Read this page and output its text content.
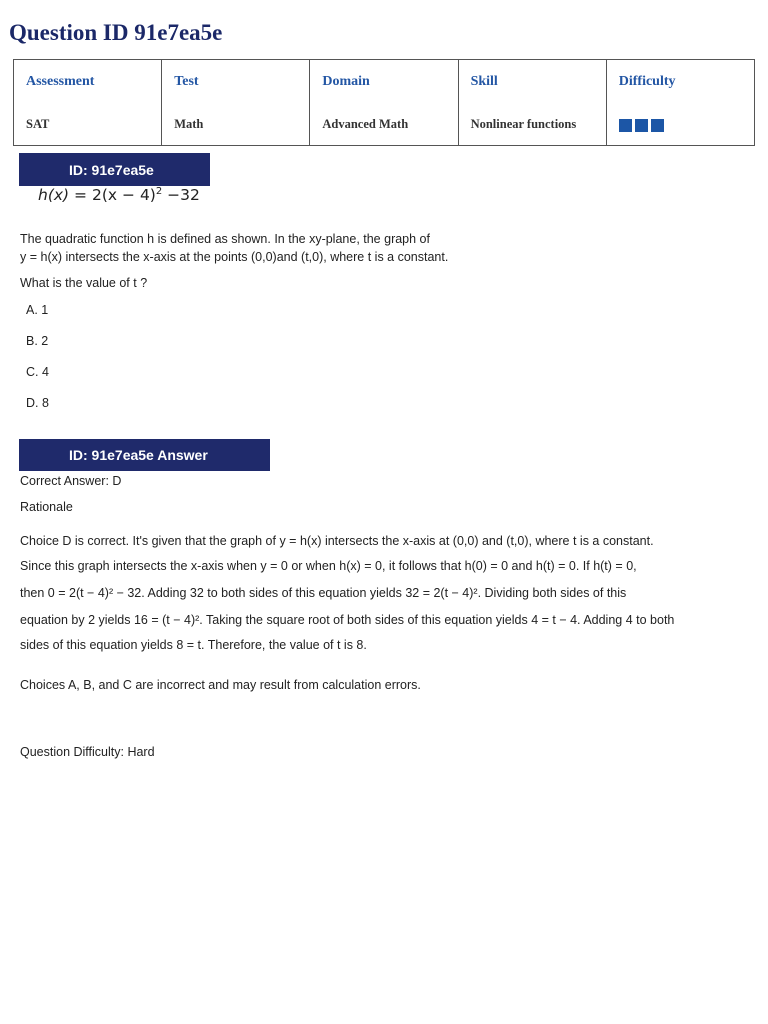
Question ID 91e7ea5e
Assessment	Test	Domain	Skill	Difficulty
SAT	Math	Advanced Math	Nonlinear functions	
ID: 91e7ea5e
$h(x) = 2(x - 4)^2 -32$
The quadratic function h is defined as shown. In the xy-plane, the graph of
y = h(x) intersects the x-axis at the points (0,0)and (t,0), where t is a constant.
What is the value of t ?
A. 1
B. 2
C. 4
D. 8
ID: 91e7ea5e Answer
Correct Answer: D
Rationale
Choice D is correct. It's given that the graph of y = h(x) intersects the x-axis at (0,0) and (t,0), where t is a constant.
Since this graph intersects the x-axis when y = 0 or when h(x) = 0, it follows that h(0) = 0 and h(t) = 0. If h(t) = 0,
then 0 = 2(t − 4)² − 32. Adding 32 to both sides of this equation yields 32 = 2(t − 4)². Dividing both sides of this
equation by 2 yields 16 = (t − 4)². Taking the square root of both sides of this equation yields 4 = t − 4. Adding 4 to both
sides of this equation yields 8 = t. Therefore, the value of t is 8.
Choices A, B, and C are incorrect and may result from calculation errors.
Question Difficulty: Hard
